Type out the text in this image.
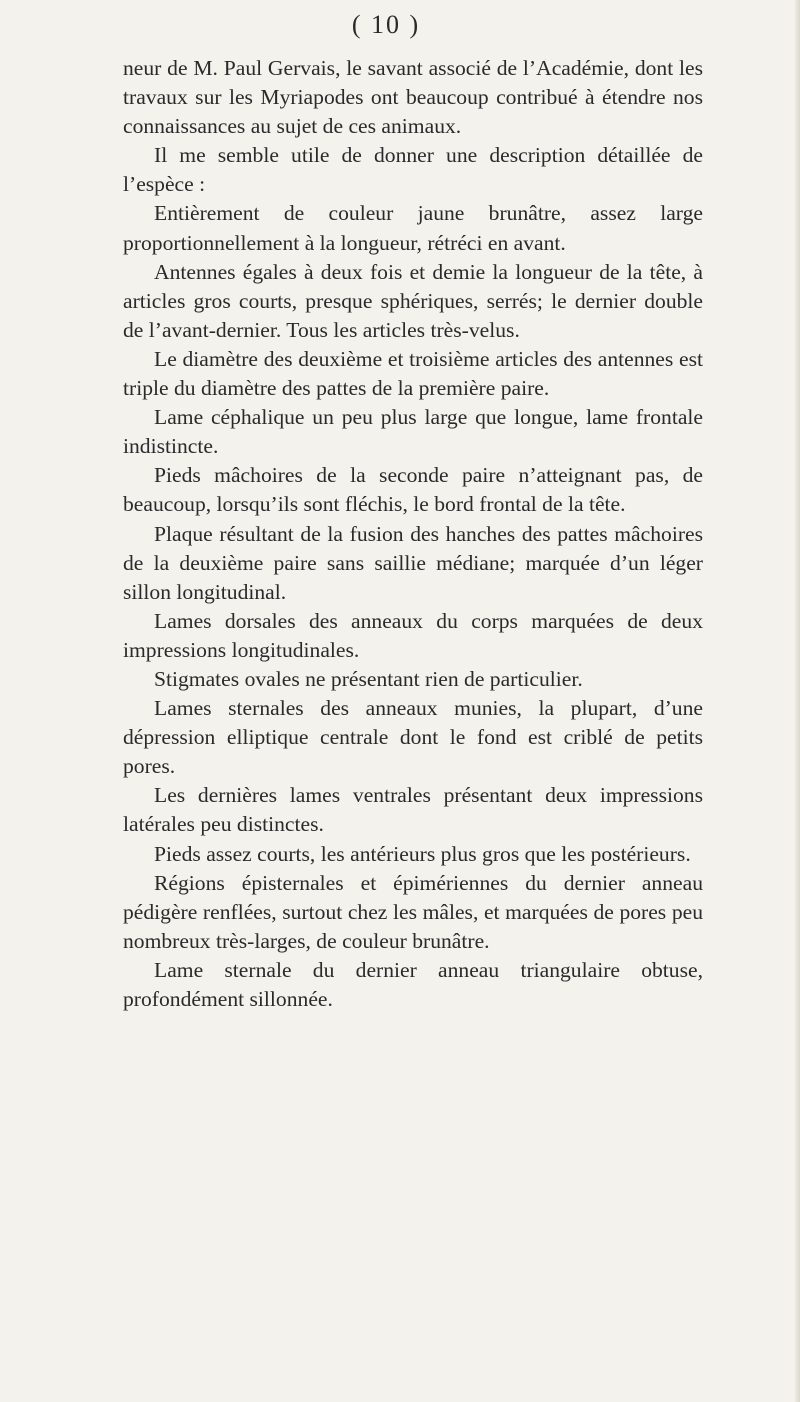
( 10 )

neur de M. Paul Gervais, le savant associé de l’Académie, dont les travaux sur les Myriapodes ont beaucoup contribué à étendre nos connaissances au sujet de ces animaux.

Il me semble utile de donner une description détaillée de l’espèce :

Entièrement de couleur jaune brunâtre, assez large proportionnellement à la longueur, rétréci en avant.

Antennes égales à deux fois et demie la longueur de la tête, à articles gros courts, presque sphériques, serrés; le dernier double de l’avant-dernier. Tous les articles très-velus.

Le diamètre des deuxième et troisième articles des antennes est triple du diamètre des pattes de la première paire.

Lame céphalique un peu plus large que longue, lame frontale indistincte.

Pieds mâchoires de la seconde paire n’atteignant pas, de beaucoup, lorsqu’ils sont fléchis, le bord frontal de la tête.

Plaque résultant de la fusion des hanches des pattes mâchoires de la deuxième paire sans saillie médiane; marquée d’un léger sillon longitudinal.

Lames dorsales des anneaux du corps marquées de deux impressions longitudinales.

Stigmates ovales ne présentant rien de particulier.

Lames sternales des anneaux munies, la plupart, d’une dépression elliptique centrale dont le fond est criblé de petits pores.

Les dernières lames ventrales présentant deux impressions latérales peu distinctes.

Pieds assez courts, les antérieurs plus gros que les postérieurs.

Régions épisternales et épimériennes du dernier anneau pédigère renflées, surtout chez les mâles, et marquées de pores peu nombreux très-larges, de couleur brunâtre.

Lame sternale du dernier anneau triangulaire obtuse, profondément sillonnée.
